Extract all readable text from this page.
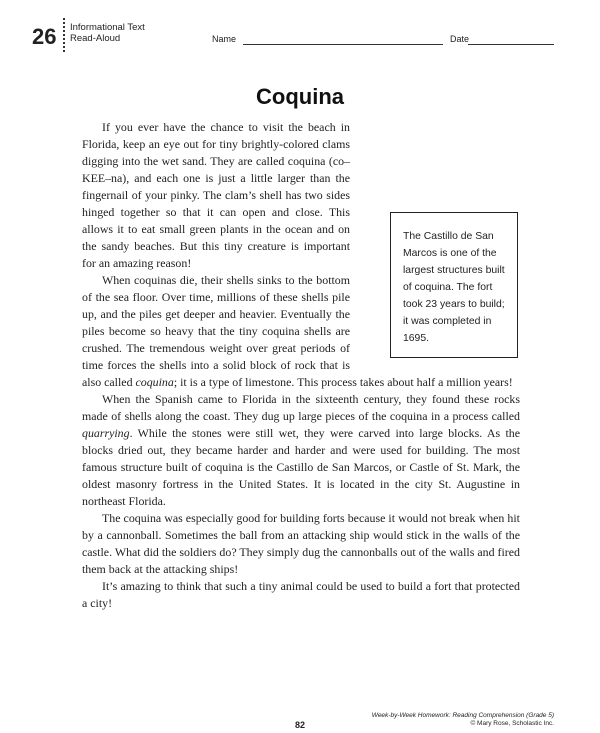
26 Informational Text
Read-Aloud	Name	Date
Coquina

If you ever have the chance to visit the beach in Florida, keep an eye out for tiny brightly-colored clams digging into the wet sand. They are called coquina (co–KEE–na), and each one is just a little larger than the fingernail of your pinky. The clam’s shell has two sides hinged together so that it can open and close. This allows it to eat small green plants in the ocean and on the sandy beaches. But this tiny creature is important for an amazing reason!

When coquinas die, their shells sinks to the bottom of the sea floor. Over time, millions of these shells pile up, and the piles get deeper and heavier. Eventually the piles become so heavy that the tiny coquina shells are crushed. The tremendous weight over great periods of time forces the shells into a solid block of rock that is also called coquina; it is a type of limestone. This process takes about half a million years!

When the Spanish came to Florida in the sixteenth century, they found these rocks made of shells along the coast. They dug up large pieces of the coquina in a process called quarrying. While the stones were still wet, they were carved into large blocks. As the blocks dried out, they became harder and harder and were used for building. The most famous structure built of coquina is the Castillo de San Marcos, or Castle of St. Mark, the oldest masonry fortress in the United States. It is located in the city St. Augustine in northeast Florida.

The coquina was especially good for building forts because it would not break when hit by a cannonball. Sometimes the ball from an attacking ship would stick in the walls of the castle. What did the soldiers do? They simply dug the cannonballs out of the walls and fired them back at the attacking ships!

It’s amazing to think that such a tiny animal could be used to build a fort that protected a city!

The Castillo de San Marcos is one of the largest structures built of coquina. The fort took 23 years to build; it was completed in 1695.
82
Week-by-Week Homework: Reading Comprehension (Grade 5)
© Mary Rose, Scholastic Inc.
